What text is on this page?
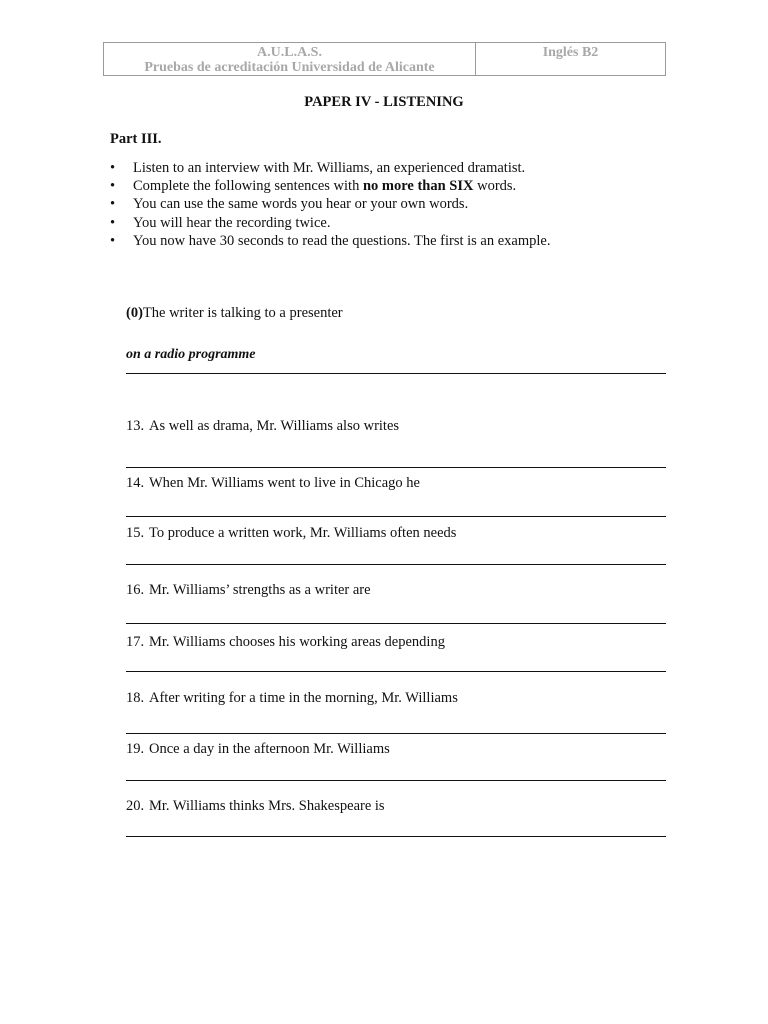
A.U.L.A.S.
Pruebas de acreditación Universidad de Alicante
Inglés B2
PAPER IV - LISTENING
Part III.
• Listen to an interview with Mr. Williams, an experienced dramatist.
• Complete the following sentences with no more than SIX words.
• You can use the same words you hear or your own words.
• You will hear the recording twice.
• You now have 30 seconds to read the questions. The first is an example.
(0)The writer is talking to a presenter
on a radio programme
13. As well as drama, Mr. Williams also writes
14. When Mr. Williams went to live in Chicago he
15. To produce a written work, Mr. Williams often needs
16. Mr. Williams’ strengths as a writer are
17. Mr. Williams chooses his working areas depending
18. After writing for a time in the morning, Mr. Williams
19. Once a day in the afternoon Mr. Williams
20. Mr. Williams thinks Mrs. Shakespeare is
